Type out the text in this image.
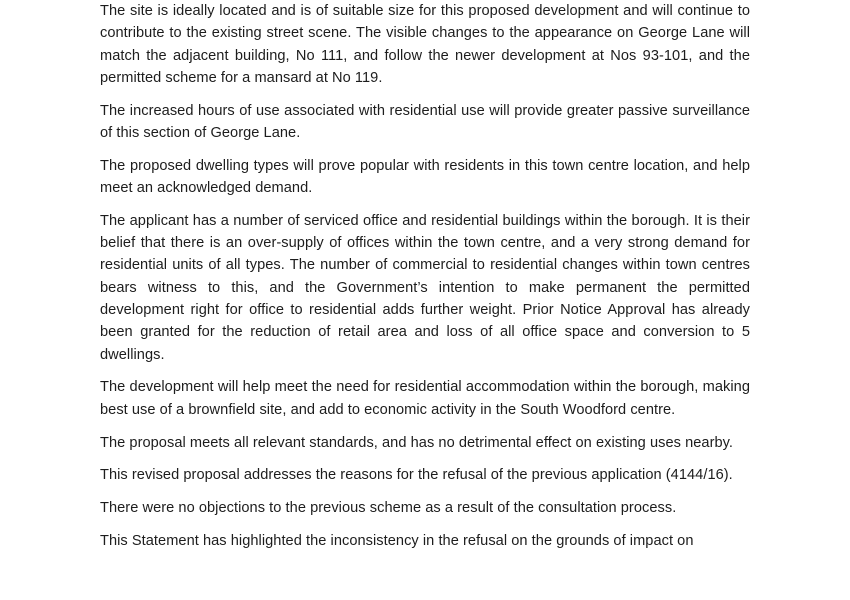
The site is ideally located and is of suitable size for this proposed development and will continue to contribute to the existing street scene. The visible changes to the appearance on George Lane will match the adjacent building, No 111, and follow the newer development at Nos 93-101, and the permitted scheme for a mansard at No 119.

The increased hours of use associated with residential use will provide greater passive surveillance of this section of George Lane.

The proposed dwelling types will prove popular with residents in this town centre location, and help meet an acknowledged demand.

The applicant has a number of serviced office and residential buildings within the borough. It is their belief that there is an over-supply of offices within the town centre, and a very strong demand for residential units of all types. The number of commercial to residential changes within town centres bears witness to this, and the Government’s intention to make permanent the permitted development right for office to residential adds further weight. Prior Notice Approval has already been granted for the reduction of retail area and loss of all office space and conversion to 5 dwellings.

The development will help meet the need for residential accommodation within the borough, making best use of a brownfield site, and add to economic activity in the South Woodford centre.

The proposal meets all relevant standards, and has no detrimental effect on existing uses nearby.

This revised proposal addresses the reasons for the refusal of the previous application (4144/16).

There were no objections to the previous scheme as a result of the consultation process.

This Statement has highlighted the inconsistency in the refusal on the grounds of impact on
